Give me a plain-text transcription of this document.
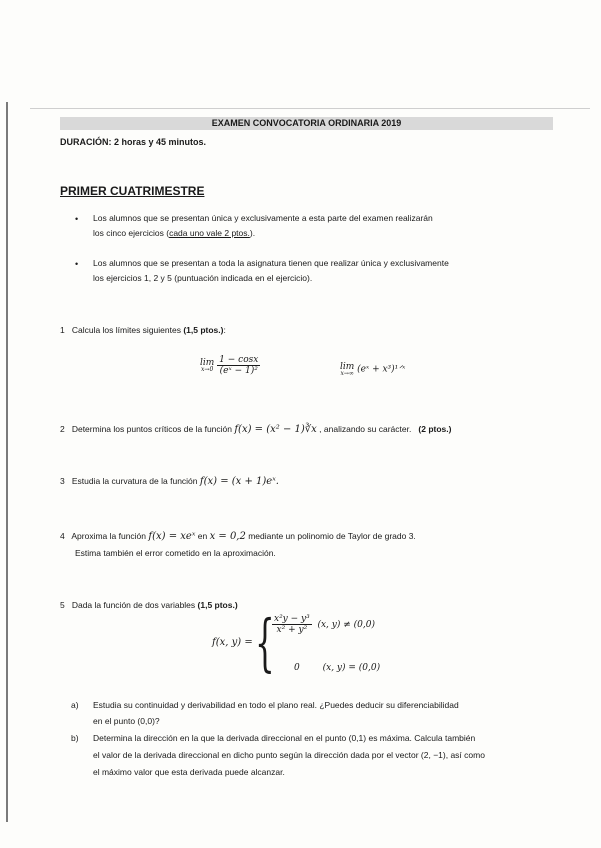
EXAMEN CONVOCATORIA ORDINARIA 2019
DURACIÓN: 2 horas y 45 minutos.
PRIMER CUATRIMESTRE
• Los alumnos que se presentan única y exclusivamente a esta parte del examen realizarán
los cinco ejercicios (cada uno vale 2 ptos.).
• Los alumnos que se presentan a toda la asignatura tienen que realizar única y exclusivamente
los ejercicios 1, 2 y 5 (puntuación indicada en el ejercicio).
1 Calcula los límites siguientes (1,5 ptos.):
lim
x→0
$\frac{1 - \cos x}{\text{(eˣ − 1)²}}$	lim
x→∞ (eˣ + x³)¹ᐟˣ
2 Determina los puntos críticos de la función f(x) = (x² − 1)∛x , analizando su carácter. (2 ptos.)
3 Estudia la curvatura de la función f(x) = (x + 1)eˣ.
4 Aproxima la función f(x) = xeˣ en x = 0,2 mediante un polinomio de Taylor de grado 3.
Estima también el error cometido en la aproximación.
5 Dada la función de dos variables (1,5 ptos.)
f(x, y) = {
$\frac{\text{x²y − y³}}{\text{x² + y²}} (x$, y) ≠ (0,0)
0	(x, y) = (0,0)
a) Estudia su continuidad y derivabilidad en todo el plano real. ¿Puedes deducir su diferenciabilidad
en el punto (0,0)?
b) Determina la dirección en la que la derivada direccional en el punto (0,1) es máxima. Calcula también
el valor de la derivada direccional en dicho punto según la dirección dada por el vector (2, −1), así como
el máximo valor que esta derivada puede alcanzar.
